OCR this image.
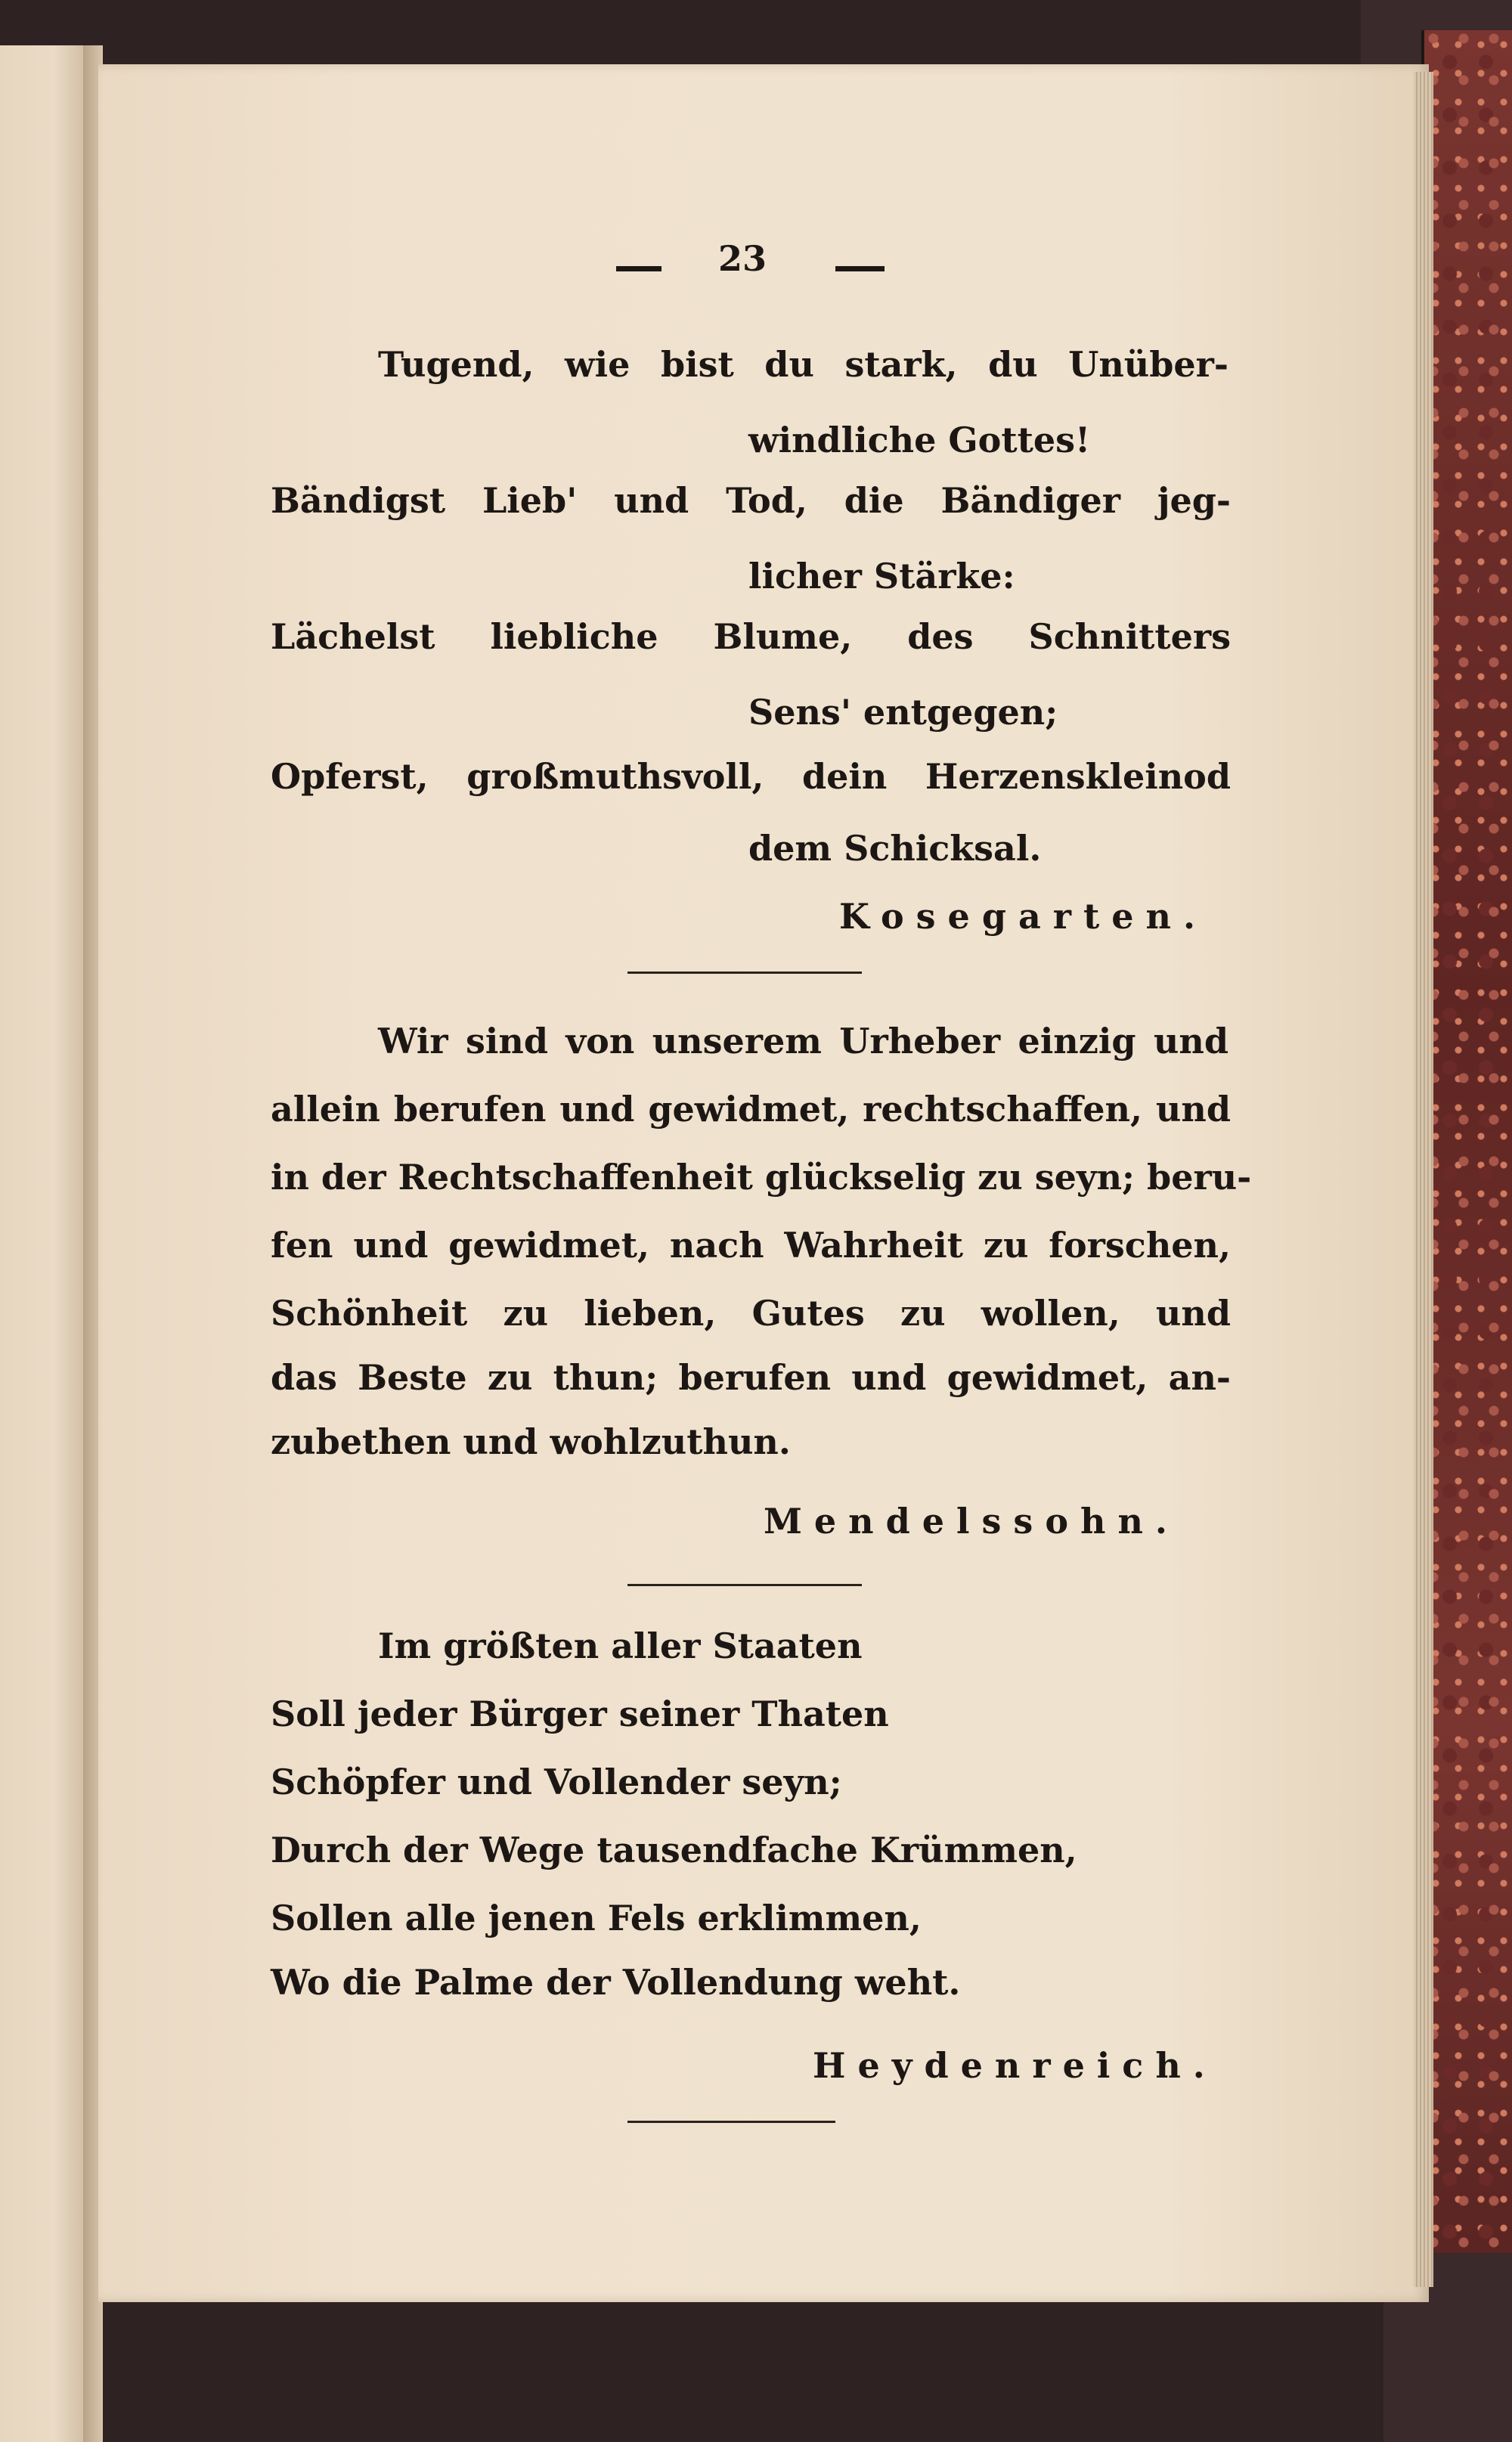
23
Tugend, wie bist du stark, du Unüber-
windliche Gottes!
Bändigst Lieb' und Tod, die Bändiger jeg-
licher Stärke:
Lächelst liebliche Blume, des Schnitters
Sens' entgegen;
Opferst, großmuthsvoll, dein Herzenskleinod
dem Schicksal.
Kosegarten.
Wir sind von unserem Urheber einzig und
allein berufen und gewidmet, rechtschaffen, und
in der Rechtschaffenheit glückselig zu seyn; beru-
fen und gewidmet, nach Wahrheit zu forschen,
Schönheit zu lieben, Gutes zu wollen, und
das Beste zu thun; berufen und gewidmet, an-
zubethen und wohlzuthun.
Mendelssohn.
Im größten aller Staaten
Soll jeder Bürger seiner Thaten
Schöpfer und Vollender seyn;
Durch der Wege tausendfache Krümmen,
Sollen alle jenen Fels erklimmen,
Wo die Palme der Vollendung weht.
Heydenreich.
